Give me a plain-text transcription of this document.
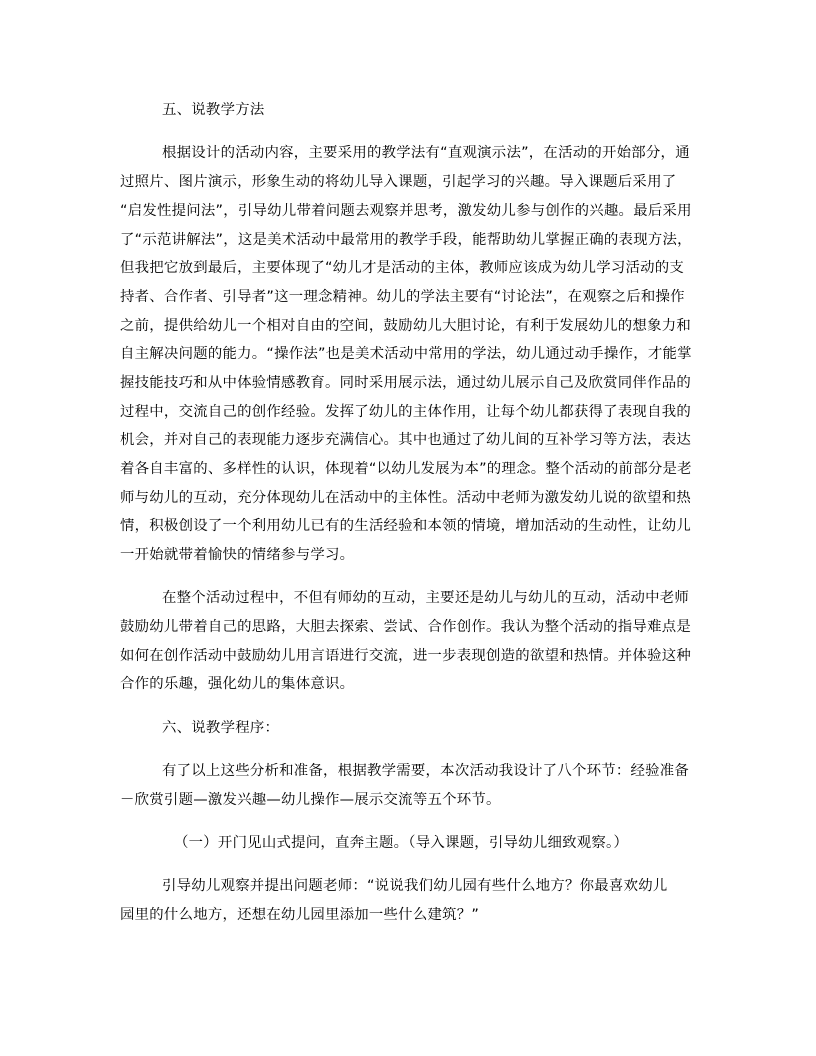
五、说教学方法
根据设计的活动内容，主要采用的教学法有“直观演示法”，在活动的开始部分，通
过照片、图片演示，形象生动的将幼儿导入课题，引起学习的兴趣。导入课题后采用了
“启发性提问法”，引导幼儿带着问题去观察并思考，激发幼儿参与创作的兴趣。最后采用
了“示范讲解法”，这是美术活动中最常用的教学手段，能帮助幼儿掌握正确的表现方法，
但我把它放到最后，主要体现了“幼儿才是活动的主体，教师应该成为幼儿学习活动的支
持者、合作者、引导者”这一理念精神。幼儿的学法主要有“讨论法”，在观察之后和操作
之前，提供给幼儿一个相对自由的空间，鼓励幼儿大胆讨论，有利于发展幼儿的想象力和
自主解决问题的能力。“操作法”也是美术活动中常用的学法，幼儿通过动手操作，才能掌
握技能技巧和从中体验情感教育。同时采用展示法，通过幼儿展示自己及欣赏同伴作品的
过程中，交流自己的创作经验。发挥了幼儿的主体作用，让每个幼儿都获得了表现自我的
机会，并对自己的表现能力逐步充满信心。其中也通过了幼儿间的互补学习等方法，表达
着各自丰富的、多样性的认识，体现着“以幼儿发展为本”的理念。整个活动的前部分是老
师与幼儿的互动，充分体现幼儿在活动中的主体性。活动中老师为激发幼儿说的欲望和热
情，积极创设了一个利用幼儿已有的生活经验和本领的情境，增加活动的生动性，让幼儿
一开始就带着愉快的情绪参与学习。
在整个活动过程中，不但有师幼的互动，主要还是幼儿与幼儿的互动，活动中老师
鼓励幼儿带着自己的思路，大胆去探索、尝试、合作创作。我认为整个活动的指导难点是
如何在创作活动中鼓励幼儿用言语进行交流，进一步表现创造的欲望和热情。并体验这种
合作的乐趣，强化幼儿的集体意识。
六、说教学程序：
有了以上这些分析和准备，根据教学需要，本次活动我设计了八个环节：经验准备
－欣赏引题—激发兴趣—幼儿操作—展示交流等五个环节。
（一）开门见山式提问，直奔主题。（导入课题，引导幼儿细致观察。）
引导幼儿观察并提出问题老师：“说说我们幼儿园有些什么地方？你最喜欢幼儿
园里的什么地方，还想在幼儿园里添加一些什么建筑？”
